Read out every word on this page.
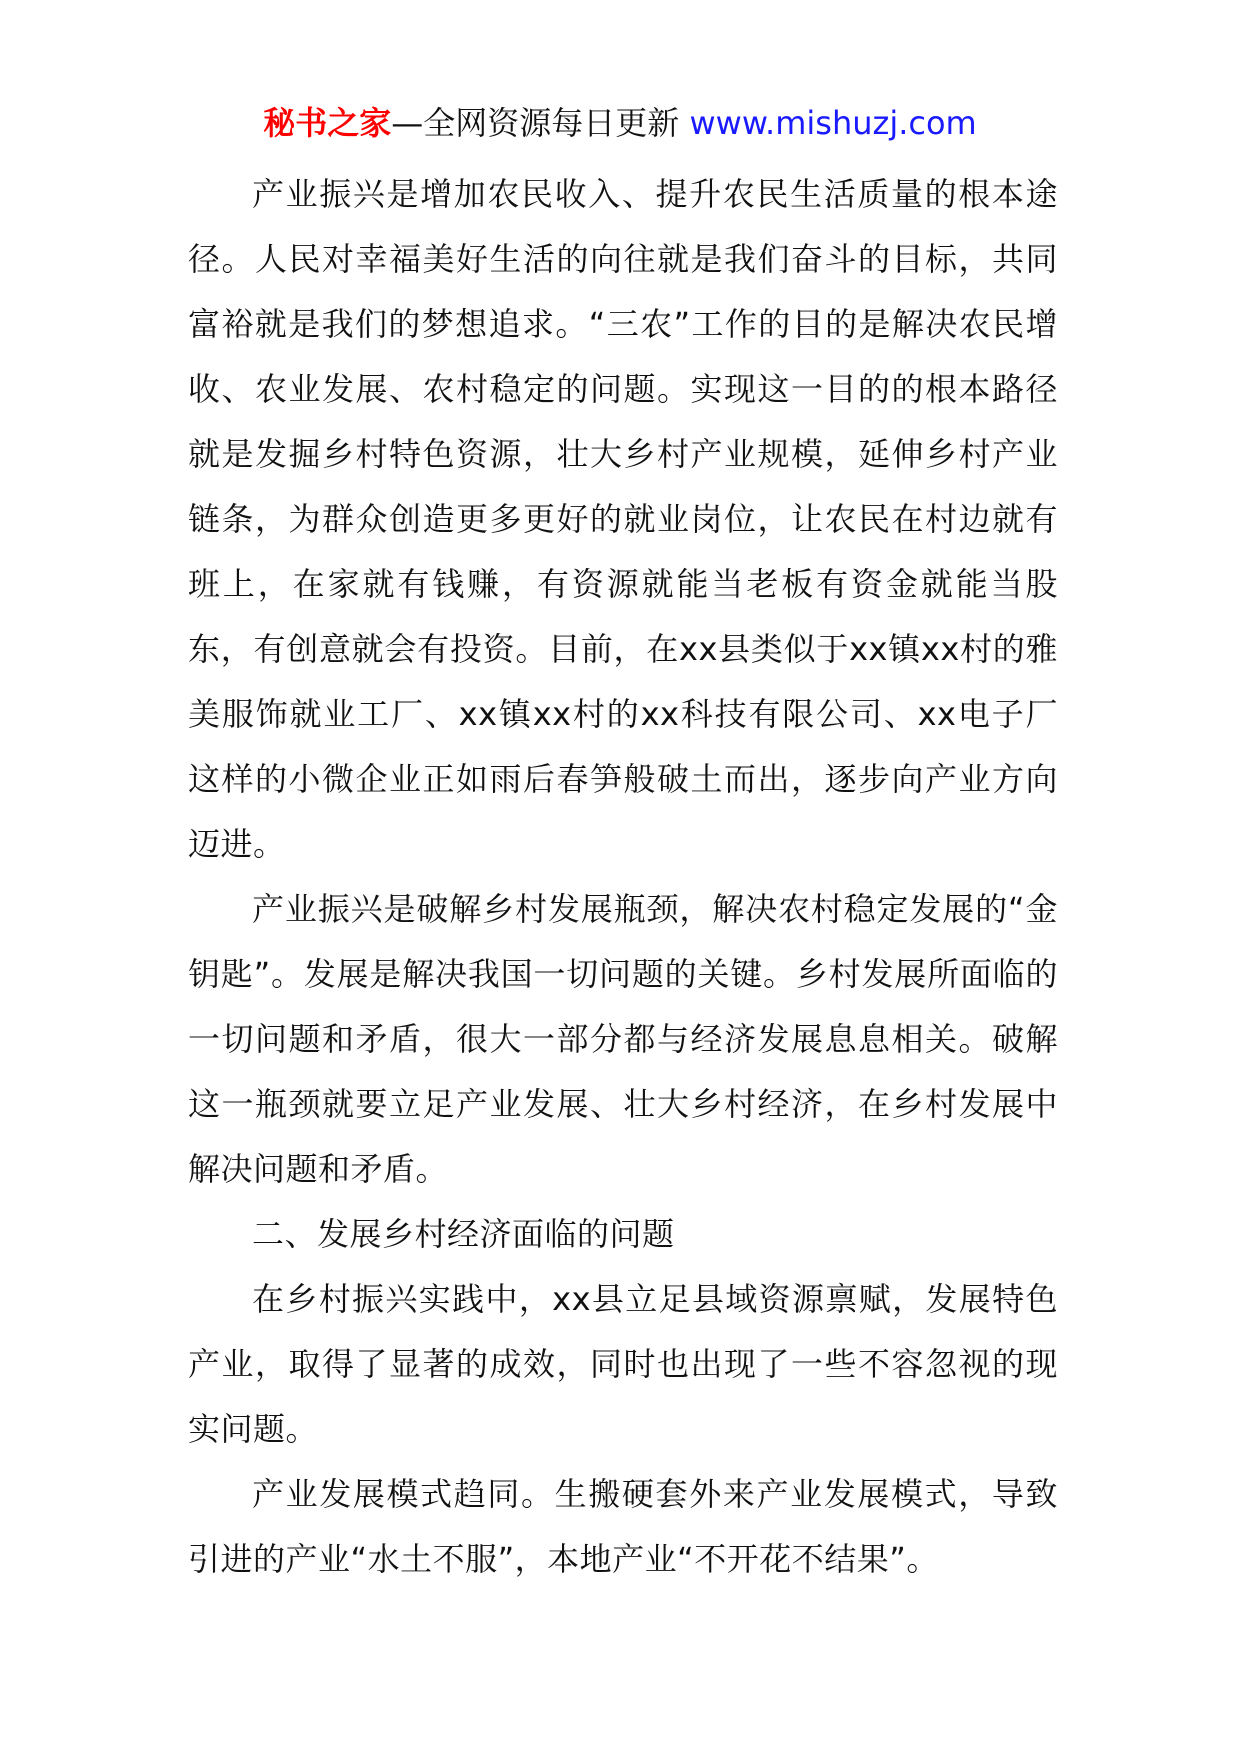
秘书之家—全网资源每日更新 www.mishuzj.com

产业振兴是增加农民收入、提升农民生活质量的根本途径。人民对幸福美好生活的向往就是我们奋斗的目标，共同富裕就是我们的梦想追求。“三农”工作的目的是解决农民增收、农业发展、农村稳定的问题。实现这一目的的根本路径就是发掘乡村特色资源，壮大乡村产业规模，延伸乡村产业链条，为群众创造更多更好的就业岗位，让农民在村边就有班上，在家就有钱赚，有资源就能当老板有资金就能当股东，有创意就会有投资。目前，在xx县类似于xx镇xx村的雅美服饰就业工厂、xx镇xx村的xx科技有限公司、xx电子厂这样的小微企业正如雨后春笋般破土而出，逐步向产业方向迈进。

产业振兴是破解乡村发展瓶颈，解决农村稳定发展的“金钥匙”。发展是解决我国一切问题的关键。乡村发展所面临的一切问题和矛盾，很大一部分都与经济发展息息相关。破解这一瓶颈就要立足产业发展、壮大乡村经济，在乡村发展中解决问题和矛盾。

二、发展乡村经济面临的问题

在乡村振兴实践中，xx县立足县域资源禀赋，发展特色产业，取得了显著的成效，同时也出现了一些不容忽视的现实问题。

产业发展模式趋同。生搬硬套外来产业发展模式，导致引进的产业“水土不服”，本地产业“不开花不结果”。
